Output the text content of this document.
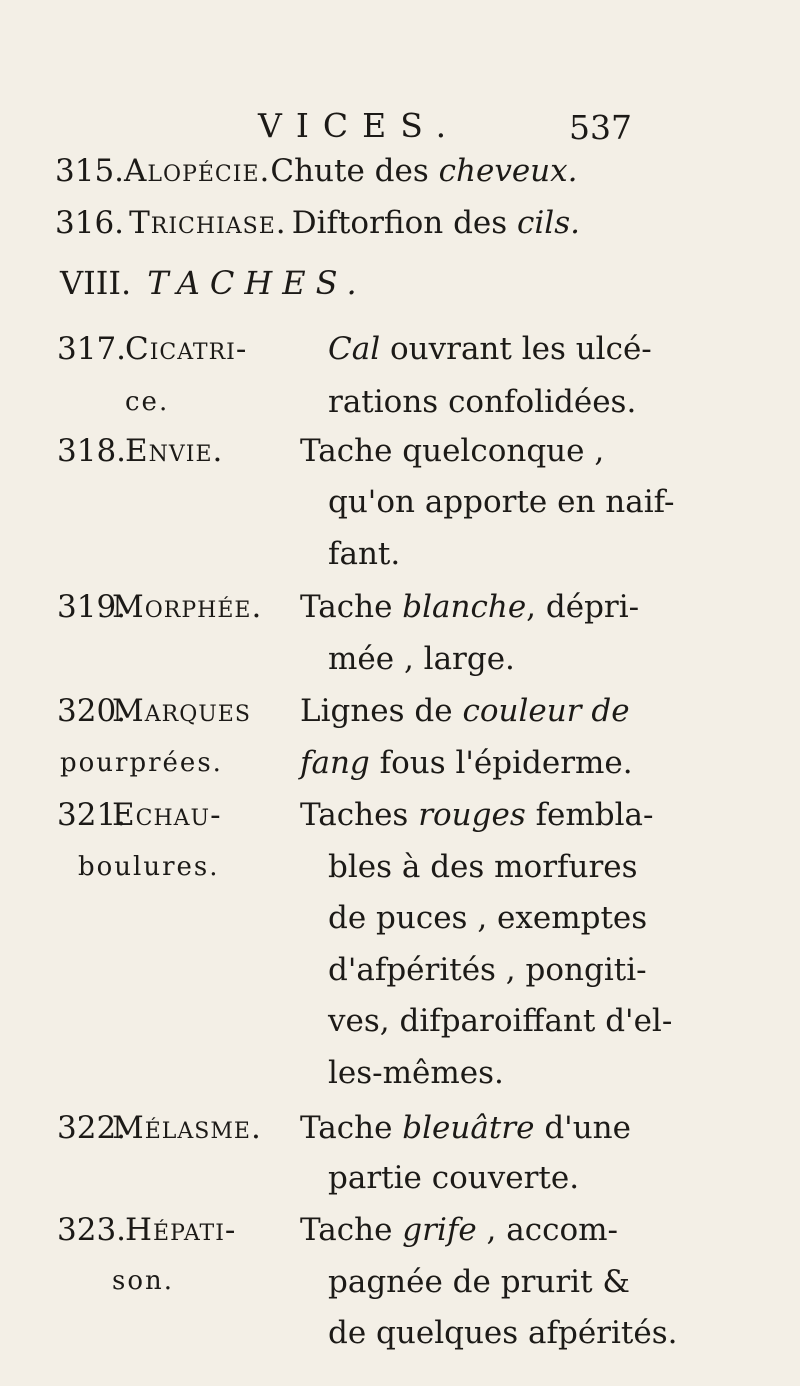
VICES.	537
315.Alopécie.Chute des cheveux.
316. Trichiase. Diftorfion des cils.
VIII. TACHES.
317.
Cicatri-
ce.
Cal ouvrant les ulcé-
rations confolidées.
318.
Envie. Tache quelconque ,
qu'on apporte en naif-
fant.
319.
Morphée. Tache blanche, dépri-
mée , large.
320.
Marques
pourprées.
Lignes de couleur de
fang fous l'épiderme.
321.
Echau-
boulures.
Taches rouges fembla-
bles à des morfures
de puces , exemptes
d'afpérités , pongiti-
ves, difparoiffant d'el-
les-mêmes.
322.
Mélasme. Tache bleuâtre d'une
partie couverte.
323.
Hépati-
son.
Tache grife , accom-
pagnée de prurit &
de quelques afpérités.
